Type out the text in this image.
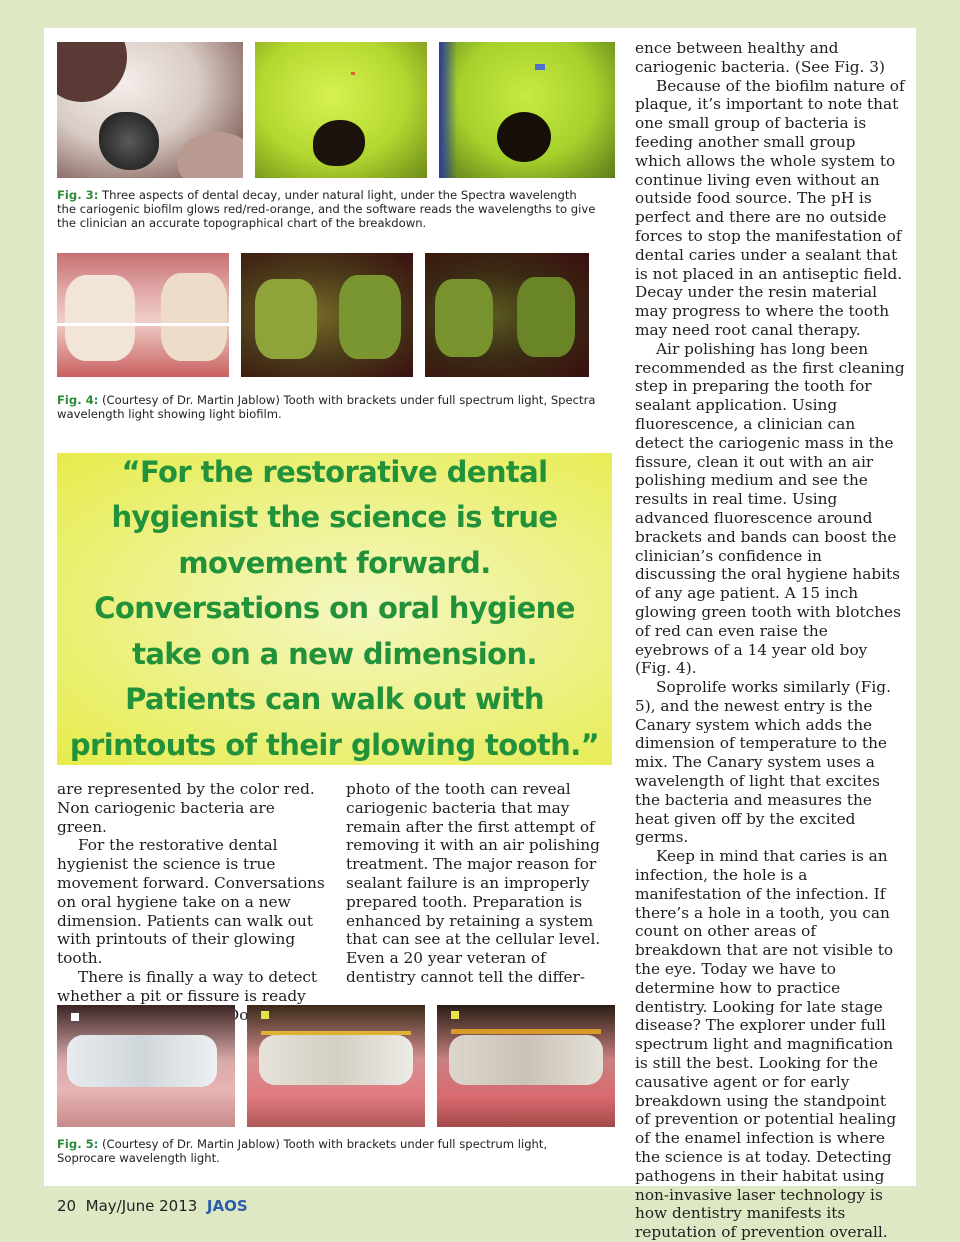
Fig. 3: Three aspects of dental decay, under natural light, under the Spectra wavelength the cariogenic biofilm glows red/red-orange, and the software reads the wavelengths to give the clinician an accurate topographical chart of the breakdown.
Fig. 4: (Courtesy of Dr. Martin Jablow) Tooth with brackets under full spectrum light, Spectra wavelength light showing light biofilm.

“For the restorative dental hygienist the science is true movement forward. Conversations on oral hygiene take on a new dimension. Patients can walk out with printouts of their glowing tooth.”

are represented by the color red. Non cariogenic bacteria are green.

For the restorative dental hygienist the science is true movement forward. Conversations on oral hygiene take on a new dimension. Patients can walk out with printouts of their glowing tooth.

There is finally a way to detect whether a pit or fissure is ready

photo of the tooth can reveal cariogenic bacteria that may remain after the first attempt of removing it with an air polishing treatment. The major reason for sealant failure is an improperly prepared tooth. Preparation is enhanced by retaining a system that can see at the cellular level. Even a 20 year veteran of dentistry cannot tell the differ-

ence between healthy and cariogenic bacteria. (See Fig. 3)

Because of the biofilm nature of plaque, it’s important to note that one small group of bacteria is feeding another small group which allows the whole system to continue living even without an outside food source. The pH is perfect and there are no outside forces to stop the manifestation of dental caries under a sealant that is not placed in an antiseptic field. Decay under the resin material may progress to where the tooth may need root canal therapy.

Air polishing has long been recommended as the first cleaning step in preparing the tooth for sealant application. Using fluorescence, a clinician can detect the cariogenic mass in the fissure, clean it out with an air polishing medium and see the results in real time. Using advanced fluorescence around brackets and bands can boost the clinician’s confidence in discussing the oral hygiene habits of any age patient. A 15 inch glowing green tooth with blotches of red can even raise the eyebrows of a 14 year old boy (Fig. 4).

Soprolife works similarly (Fig. 5), and the newest entry is the Canary system which adds the dimension of temperature to the mix. The Canary system uses a wavelength of light that excites the bacteria and measures the heat given off by the excited germs.

Keep in mind that caries is an infection, the hole is a manifestation of the infection. If there’s a hole in a tooth, you can count on other areas of breakdown that are not visible to the eye. Today we have to determine how to practice dentistry. Looking for late stage disease? The explorer under full spectrum light and magnification is still the best. Looking for the causative agent or for early breakdown using the standpoint of prevention or potential healing of the enamel infection is where the science is at today. Detecting pathogens in their habitat using non-invasive laser technology is how dentistry manifests its reputation of prevention overall.

Fig. 5: (Courtesy of Dr. Martin Jablow) Tooth with brackets under full spectrum light, Soprocare wavelength light.
20 May/June 2013 JAOS
